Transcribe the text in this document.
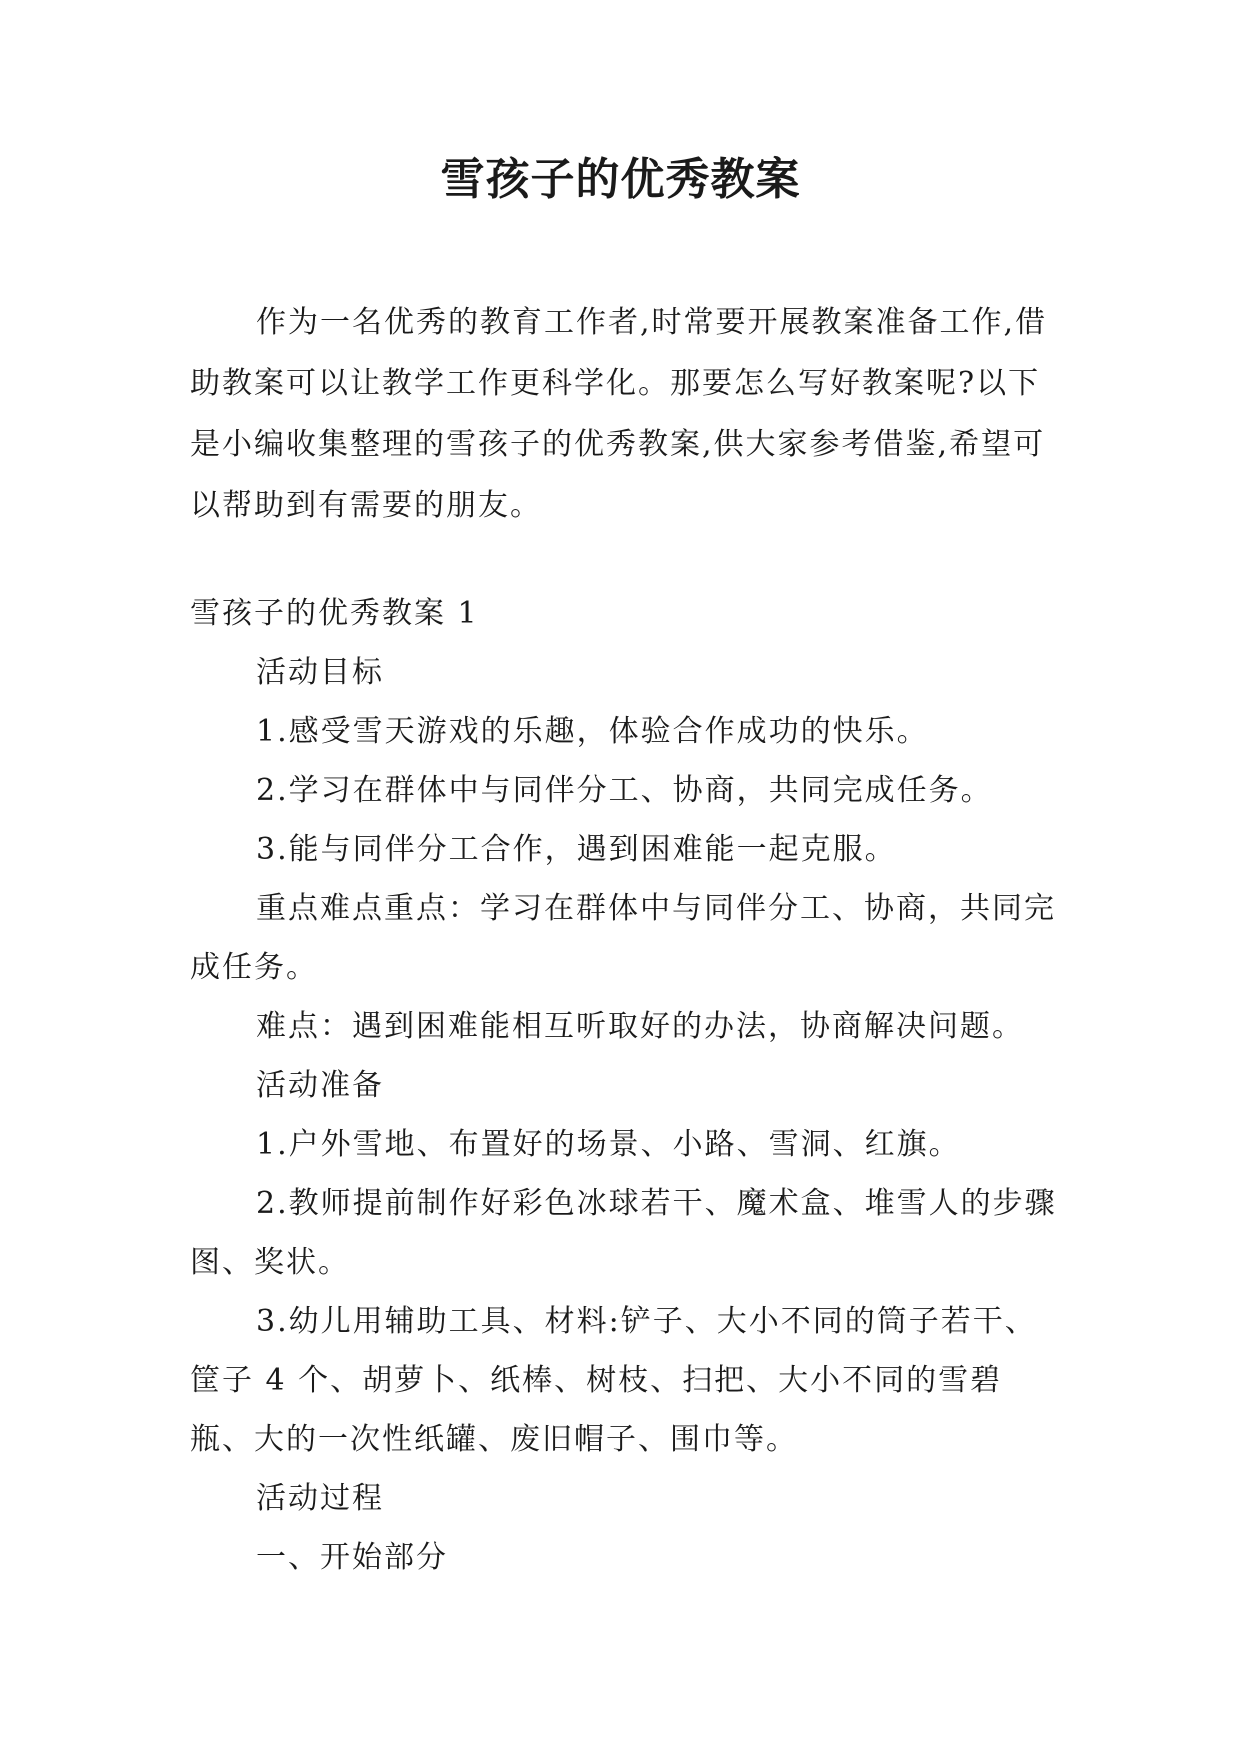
雪孩子的优秀教案

作为一名优秀的教育工作者,时常要开展教案准备工作,借助教案可以让教学工作更科学化。那要怎么写好教案呢?以下是小编收集整理的雪孩子的优秀教案,供大家参考借鉴,希望可以帮助到有需要的朋友。

雪孩子的优秀教案 1

活动目标

1.感受雪天游戏的乐趣，体验合作成功的快乐。

2.学习在群体中与同伴分工、协商，共同完成任务。

3.能与同伴分工合作，遇到困难能一起克服。

重点难点重点：学习在群体中与同伴分工、协商，共同完成任务。

难点：遇到困难能相互听取好的办法，协商解决问题。

活动准备

1.户外雪地、布置好的场景、小路、雪洞、红旗。

2.教师提前制作好彩色冰球若干、魔术盒、堆雪人的步骤图、奖状。

3.幼儿用辅助工具、材料:铲子、大小不同的筒子若干、筐子 4 个、胡萝卜、纸棒、树枝、扫把、大小不同的雪碧瓶、大的一次性纸罐、废旧帽子、围巾等。

活动过程

一、开始部分
